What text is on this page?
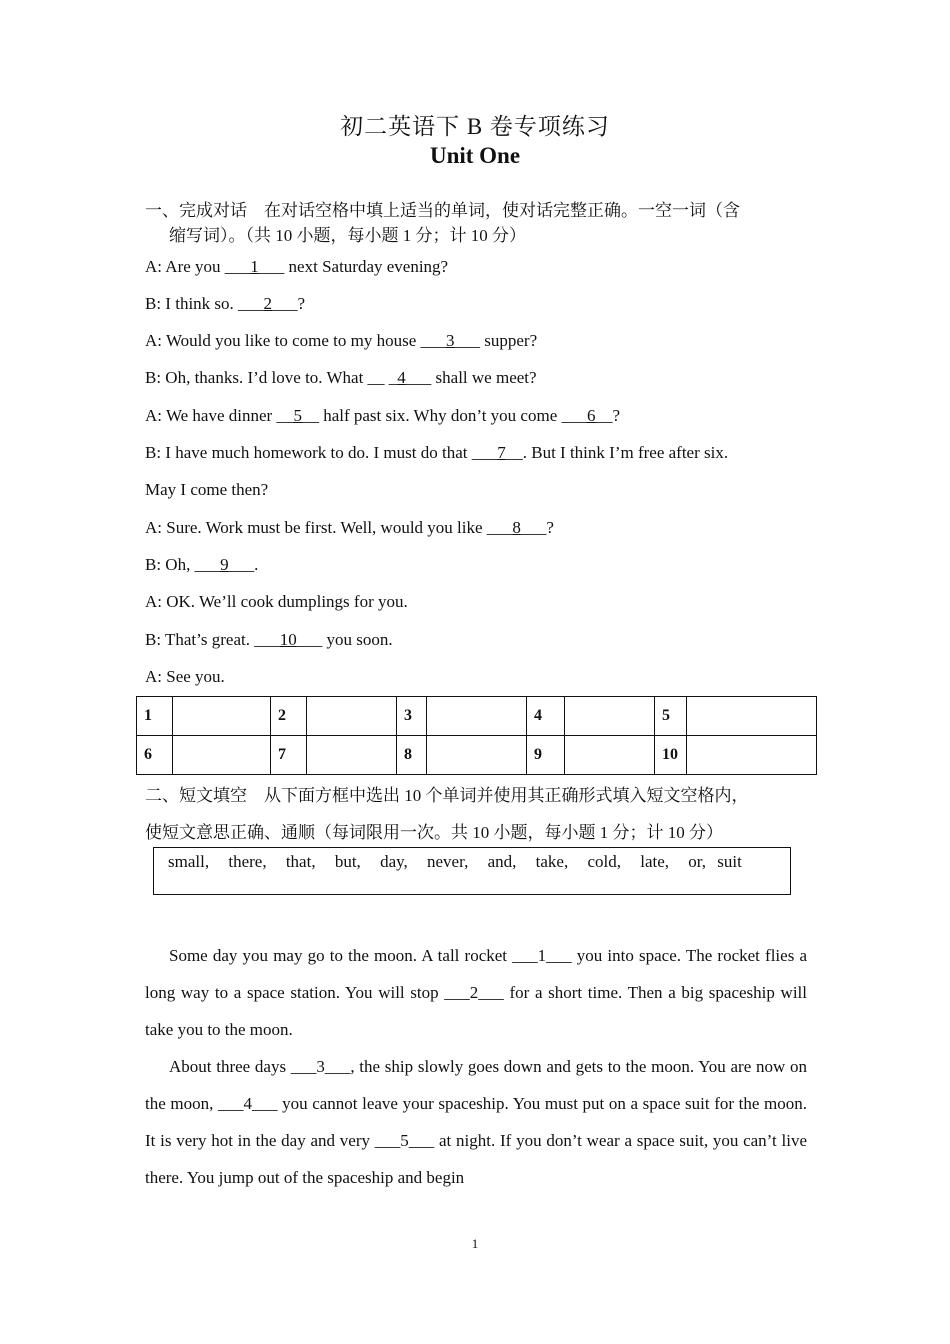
初二英语下 B 卷专项练习
Unit One
一、完成对话　在对话空格中填上适当的单词，使对话完整正确。一空一词（含
缩写词）。（共 10 小题，每小题 1 分；计 10 分）
A: Are you ___1___ next Saturday evening?
B: I think so. ___2___?
A: Would you like to come to my house ___3___ supper?
B: Oh, thanks. I’d love to. What __ _4___ shall we meet?
A: We have dinner __5__ half past six. Why don’t you come ___6__?
B: I have much homework to do. I must do that ___7__. But I think I’m free after six.
May I come then?
A: Sure. Work must be first. Well, would you like ___8___?
B: Oh, ___9___.
A: OK. We’ll cook dumplings for you.
B: That’s great. ___10___ you soon.
A: See you.
1		2		3		4		5	
6		7		8		9		10	
二、短文填空　从下面方框中选出 10 个单词并使用其正确形式填入短文空格内，
使短文意思正确、通顺（每词限用一次。共 10 小题，每小题 1 分；计 10 分）
small, there, that, but, day, never, and, take, cold, late, or, suit

Some day you may go to the moon. A tall rocket ___1___ you into space. The rocket flies a long way to a space station. You will stop ___2___ for a short time. Then a big spaceship will take you to the moon.

About three days ___3___, the ship slowly goes down and gets to the moon. You are now on the moon, ___4___ you cannot leave your spaceship. You must put on a space suit for the moon. It is very hot in the day and very ___5___ at night. If you don’t wear a space suit, you can’t live there. You jump out of the spaceship and begin

1
